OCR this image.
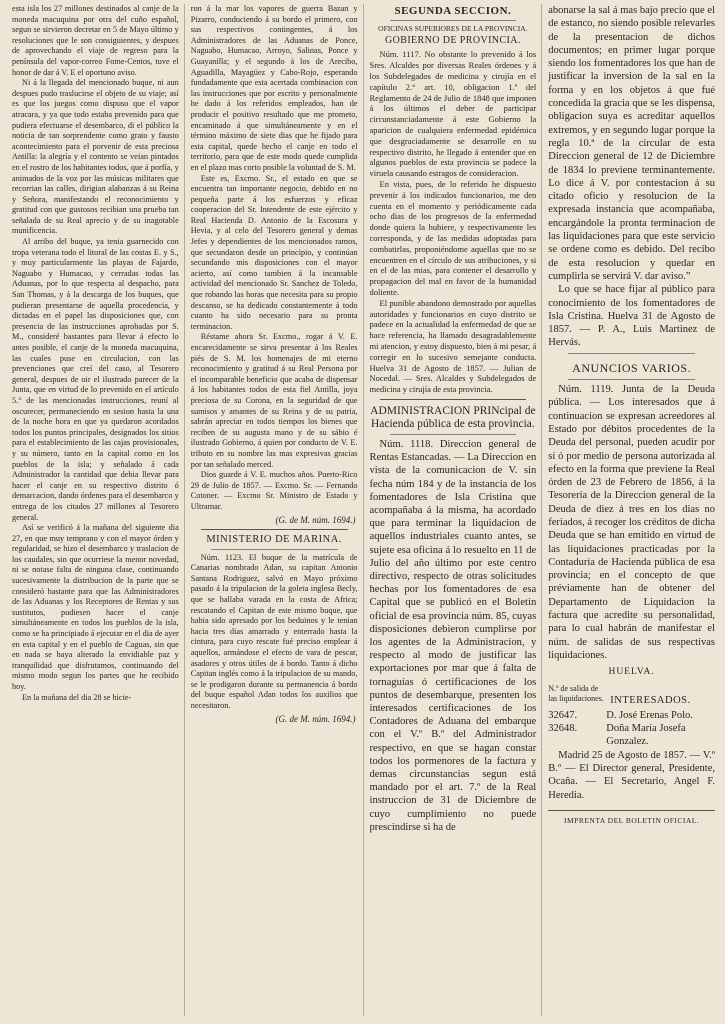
esta isla los 27 millones destinados al canje de la moneda macuquina por otra del cuño español, segun se sirvieron decretar en 5 de Mayo último y resoluciones que le son consiguientes, y despues de aprovechando el viaje de regreso para la península del vapor-correo Fome-Centos, tuve el honor de dar á V. E el oportuno aviso.

Ni á la llegada del mencionado buque, ni aun despues pudo traslucirse el objeto de su viaje; así es que los juegos como dispuso que el vapor atracara, y ya que todo estaba prevenido para que pudiera efectuarse el desembarco, di el público la noticia de tan sorprendente como grato y fausto acontecimiento para el porvenir de esta preciosa Antilla: la alegría y el contento se veian pintados en el rostro de los habitantes todos, que á porfía, y animados de la voz por las músicas militares que recorrian las calles, dirigian alabanzas á su Reina y Señora, manifestando el reconocimiento y gratitud con que gustosos recibian una prueba tan señalada de su Real aprecio y de su inagotable munificencia.

Al arribo del buque, ya tenia guarnecido con tropa veterana todo el litoral de las costas E. y S., y muy particularmente las playas de Fajardo, Naguabo y Humacao, y cerradas todas las Aduanas, por lo que respecta al despacho, para San Thomas, y á la descarga de los buques, que pudieran presentarse de aquella procedencia, y dictadas en el papel las disposiciones que, con presencia de las instrucciones aprobadas por S. M., consideré bastantes para llevar á efecto lo antes posible, el canje de la moneda macuquina, las cuales puse en circulacion, con las prevenciones que creí del caso, al Tesorero general, despues de oir el ilustrado parecer de la Junta, que en virtud de lo prevenido en el artículo 5.° de las mencionadas instrucciones, reuní al oscurecer, permaneciendo en sesion hasta la una de la noche hora en que ya quedaron acordados todos los puntos principales, designados los sitios para el establecimiento de las cajas provisionales, y su número, tanto en la capital como en los pueblos de la isla; y señalado á cada Administrador la cantidad que debia llevar para hacer el canje en su respectivo distrito ó demarcacion, dando órdenes para el desembarco y entrega de los citados 27 millones al Tesorero general.

Así se verificó á la mañana del siguiente dia 27, en que muy temprano y con el mayor órden y regularidad, se hizo el desembarco y traslacion de los caudales, sin que ocurriese la menor novedad, ni se notase falta de ninguna clase, continuando sucesivamente la distribucion de la parte que se consideró bastante para que las Administradores de las Aduanas y los Receptores de Rentas y sus sustitutos, pudiesen hacer el canje simultáneamente en todos los pueblos de la isla, como se ha principiado á ejecutar en el dia de ayer en esta capital y en el pueblo de Caguas, sin que en nada se haya alterado la envidiable paz y tranquilidad que disfrutamos, continuando del mismo modo segun los partes que he recibido hoy.

En la mañana del dia 28 se hicie-

ron á la mar los vapores de guerra Bazan y Pizarro, conduciendo á su bordo el primero, con sus respectivos contingentes, á los Administradores de las Aduanas de Ponce, Naguabo, Humacao, Arroyo, Salinas, Ponce y Guayanilla; y el segundo á los de Arecibo, Aguadilla, Mayagüez y Cabo-Rojo, esperando fundadamente que esta acertada combinacion con las instrucciones que por escrito y personalmente he dado á los referidos empleados, han de producir el positivo resultado que me prometo, encaminado á que simultáneamente y en el término máximo de siete dias que he fijado para esta capital, quede hecho el canje en todo el territorio, para que de este modo quede cumplida en el plazo mas corto posible la voluntad de S. M.

Este es, Excmo. Sr., el estado en que se encuentra tan importante negocio, debido en no pequeña parte á los esfuerzos y eficaz cooperacion del Sr. Intendente de este ejército y Real Hacienda D. Antonio de la Escosura y Hevia, y al celo del Tesorero general y demas Jefes y dependientes de los mencionados ramos, que secundaron desde un principio, y continúan secundando mis disposiciones con el mayor acierto, así como tambien á la incansable actividad del mencionado Sr. Sanchez de Toledo, que robando las horas que necesita para su propio descanso, se ha dedicado constantemente á todo cuanto ha sido necesario para su pronta terminacion.

Réstame ahora Sr. Excmo., rogar á V. E. encarecidamente se sirva presentar á los Reales piés de S. M. los homenajes de mi eterno reconocimiento y gratitud á su Real Persona por el incomparable beneficio que acaba de dispensar á los habitantes todos de esta fiel Antilla, joya preciosa de su Corona, en la seguridad de que sumisos y amantes de su Reina y de su patria, sabrán apreciar en todos tiempos los bienes que reciben de su augusta mano y de su sábio é ilustrado Gobierno, á quien por conducto de V. E. tributo en su nombre las mas expresivas gracias por tan señalado merced.

Dios guarde á V. E. muchos años. Puerto-Rico 29 de Julio de 1857. — Excmo. Sr. — Fernando Cotoner. — Excmo Sr. Ministro de Estado y Ultramar.

(G. de M. núm. 1694.)
MINISTERIO DE MARINA.

Núm. 1123. El buque de la matrícula de Canarias nombrado Adan, su capitan Antonio Santana Rodriguez, salvó en Mayo próximo pasado á la tripulacion de la goleta inglesa Becly, que se hallaba varada en la costa de Africa; rescatando el Capitan de este mismo buque, que habia sido apresado por los beduinos y le tenian hacia tres dias amarrado y enterrado hasta la cintura, para cuyo rescate fué preciso emplear á aquellos, armándose el efecto de vara de pescar, asadores y otros útiles de á bordo. Tanto á dicho Capitan inglés como á la tripulacion de su mando, se le prodigaron durante su permanencia á bordo del buque español Adan todos los auxilios que necesitaron.

(G. de M. núm. 1694.)
SEGUNDA SECCION.
OFICINAS SUPERIORES DE LA PROVINCIA.
GOBIERNO DE PROVINCIA.

Núm. 1117. No obstante lo prevenido á los Sres. Alcaldes por diversas Reales órdenes y á los Subdelegados de medicina y cirujía en el capítulo 2.° art. 10, obligacion 1.ª del Reglamento de 24 de Julio de 1848 que imponen á los últimos el deber de participar circunstanciadamente á este Gobierno la aparicion de cualquiera enfermedad epidémica que desgraciadamente se desarrolle en su respectivo distrito, he llegado á entender que en algunos pueblos de esta provincia se padece la viruela causando estragos de consideracion.

En vista, pues, de lo referido he dispuesto prevenir á los indicados funcionarios, me den cuenta en el momento y periódicamente cada ocho dias de los progresos de la enfermedad donde quiera la hubiere, y respectivamente les corresponda, y de las medidas adoptadas para combatirlas, proponiéndome aquellas que no se encuentren en el círculo de sus atribuciones, y si en el de las mias, para contener el desarrollo y propagacion del mal en favor de la humanidad doliente.

El punible abandono demostrado por aquellas autoridades y funcionarios en cuyo distrito se padece en la actualidad la enfermedad de que se hace referencia, ha llamado desagradablemente mi atencion, y estoy dispuesto, bien á mi pesar, á corregir en lo sucesivo semejante conducta. Huelva 31 de Agosto de 1857. — Julian de Nocedal. — Sres. Alcaldes y Subdelegados de medicina y cirujía de esta provincia.

ADMINISTRACION PRINcipal de Hacienda pública de esta provincia.

Núm. 1118. Direccion general de Rentas Estancadas. — La Direccion en vista de la comunicacion de V. sin fecha núm 184 y de la instancia de los fomentadores de Isla Cristina que acompañaba á la misma, ha acordado que para terminar la liquidacion de aquellos industriales cuanto antes, se sujete esa oficina á lo resuelto en 11 de Julio del año último por este centro directivo, respecto de otras solicitudes hechas por los fomentadores de esa Capital que se publicó en el Boletin oficial de esa provincia núm. 85, cuyas disposiciones debieron cumplirse por los agentes de la Administracion, y respecto al modo de justificar las exportaciones por mar que á falta de tornaguías ó certificaciones de los puntos de desembarque, presenten los interesados certificaciones de los Contadores de Aduana del embarque con el V.º B.º del Administrador respectivo, en que se hagan constar todos los pormenores de la factura y demas circunstancias segun está mandado por el art. 7.º de la Real instruccion de 31 de Diciembre de cuyo cumplimiento no puede prescindirse si ha de

abonarse la sal á mas bajo precio que el de estanco, no siendo posible relevarles de la presentacion de dichos documentos; en primer lugar porque siendo los fomentadores los que han de justificar la inversion de la sal en la forma y en los objetos á que fué concedida la gracia que se les dispensa, obligacion suya es acreditar aquellos extremos, y en segundo lugar porque la regla 10.ª de la circular de esta Direccion general de 12 de Diciembre de 1834 lo previene terminantemente. Lo dice á V. por contestacion á su citado oficio y resolucion de la expresada instancia que acompañaba, encargándole la pronta terminacion de las liquidaciones para que este servicio se ordene como es debido. Del recibo de esta resolucion y quedar en cumplirla se servirá V. dar aviso.”

Lo que se hace fijar al público para conocimiento de los fomentadores de Isla Cristina. Huelva 31 de Agosto de 1857. — P. A., Luis Martinez de Hervás.

ANUNCIOS VARIOS.

Núm. 1119. Junta de la Deuda pública. — Los interesados que á continuacion se expresan acreedores al Estado por débitos procedentes de la Deuda del personal, pueden acudir por sí ó por medio de persona autorizada al efecto en la forma que previene la Real órden de 23 de Febrero de 1856, á la Tesorería de la Direccion general de la Deuda de diez á tres en los dias no feriados, á recoger los créditos de dicha Deuda que se han emitido en virtud de las liquidaciones practicadas por la Contaduría de Hacienda pública de esa provincia; en el concepto de que préviamente han de obtener del Departamento de Liquidacion la factura que acredite su personalidad, para lo cual habrán de manifestar el núm. de salidas de sus respectivas liquidaciones.

HUELVA.
N.º de salida de las liquidaciones. INTERESADOS.
32647.	D. José Erenas Polo.
32648.	Doña María Josefa Gonzalez.

Madrid 25 de Agosto de 1857. — V.º B.º — El Director general, Presidente, Ocaña. — El Secretario, Angel F. Heredia.

IMPRENTA DEL BOLETIN OFICIAL.
